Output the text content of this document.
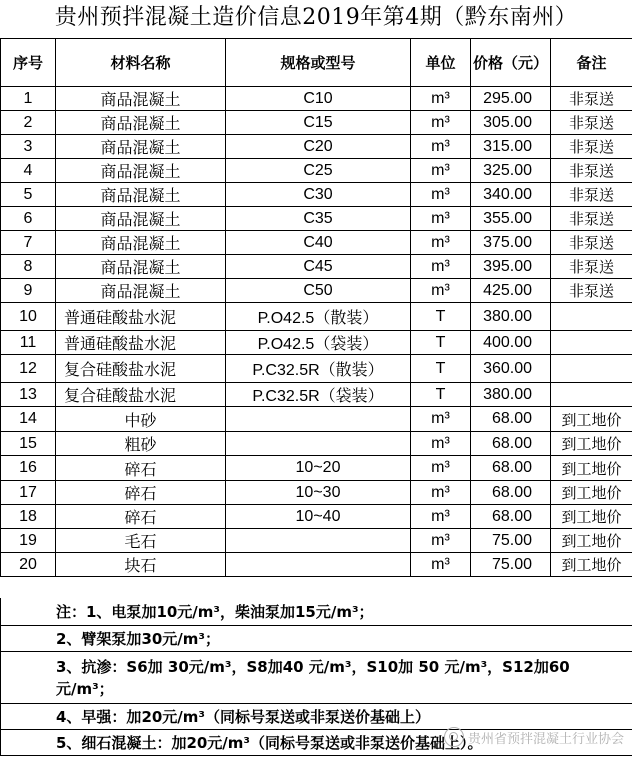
贵州预拌混凝土造价信息2019年第4期（黔东南州）
序号	材料名称	规格或型号	单位	价格（元）	备注
1	商品混凝土	C10	m³	295.00	非泵送
2	商品混凝土	C15	m³	305.00	非泵送
3	商品混凝土	C20	m³	315.00	非泵送
4	商品混凝土	C25	m³	325.00	非泵送
5	商品混凝土	C30	m³	340.00	非泵送
6	商品混凝土	C35	m³	355.00	非泵送
7	商品混凝土	C40	m³	375.00	非泵送
8	商品混凝土	C45	m³	395.00	非泵送
9	商品混凝土	C50	m³	425.00	非泵送
10	普通硅酸盐水泥	P.O42.5（散装）	T	380.00	
11	普通硅酸盐水泥	P.O42.5（袋装）	T	400.00	
12	复合硅酸盐水泥	P.C32.5R（散装）	T	360.00	
13	复合硅酸盐水泥	P.C32.5R（袋装）	T	380.00	
14	中砂		m³	68.00	到工地价
15	粗砂		m³	68.00	到工地价
16	碎石	10~20	m³	68.00	到工地价
17	碎石	10~30	m³	68.00	到工地价
18	碎石	10~40	m³	68.00	到工地价
19	毛石		m³	75.00	到工地价
20	块石		m³	75.00	到工地价
注：1、电泵加10元/m³，柴油泵加15元/m³；
2、臂架泵加30元/m³；
3、抗渗：S6加 30元/m³，S8加40 元/m³，S10加 50 元/m³，S12加60 元/m³；
4、早强：加20元/m³（同标号泵送或非泵送价基础上）
5、细石混凝土：加20元/m³（同标号泵送或非泵送价基础上）。
贵州省预拌混凝土行业协会
